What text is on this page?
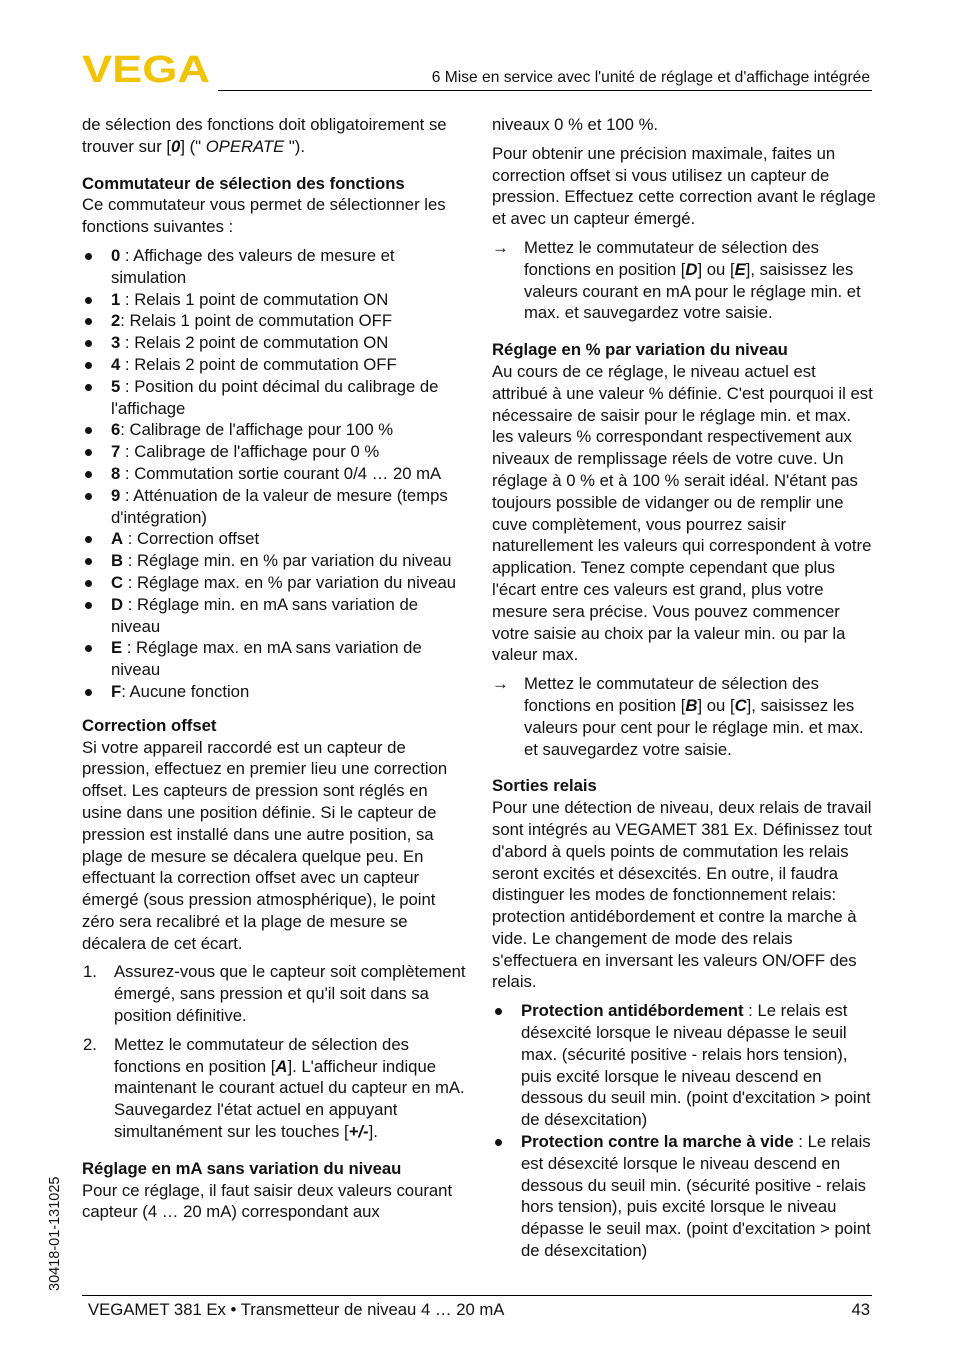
VEGA	6 Mise en service avec l'unité de réglage et d'affichage intégrée

de sélection des fonctions doit obligatoirement se trouver sur [0] (" OPERATE ").

Commutateur de sélection des fonctions

Ce commutateur vous permet de sélectionner les fonctions suivantes :

0 : Affichage des valeurs de mesure et simulation
1 : Relais 1 point de commutation ON
2: Relais 1 point de commutation OFF
3 : Relais 2 point de commutation ON
4 : Relais 2 point de commutation OFF
5 : Position du point décimal du calibrage de l'affichage
6: Calibrage de l'affichage pour 100 %
7 : Calibrage de l'affichage pour 0 %
8 : Commutation sortie courant 0/4 … 20 mA
9 : Atténuation de la valeur de mesure (temps d'intégration)
A : Correction offset
B : Réglage min. en % par variation du niveau
C : Réglage max. en % par variation du niveau
D : Réglage min. en mA sans variation de niveau
E : Réglage max. en mA sans variation de niveau
F: Aucune fonction

Correction offset

Si votre appareil raccordé est un capteur de pression, effectuez en premier lieu une correction offset. Les capteurs de pression sont réglés en usine dans une position définie. Si le capteur de pression est installé dans une autre position, sa plage de mesure se décalera quelque peu. En effectuant la correction offset avec un capteur émergé (sous pression atmosphérique), le point zéro sera recalibré et la plage de mesure se décalera de cet écart.

1. Assurez-vous que le capteur soit complètement émergé, sans pression et qu'il soit dans sa position définitive.
2. Mettez le commutateur de sélection des fonctions en position [A]. L'afficheur indique maintenant le courant actuel du capteur en mA. Sauvegardez l'état actuel en appuyant simultanément sur les touches [+/-].

Réglage en mA sans variation du niveau

Pour ce réglage, il faut saisir deux valeurs courant capteur (4 … 20 mA) correspondant aux

niveaux 0 % et 100 %.

Pour obtenir une précision maximale, faites un correction offset si vous utilisez un capteur de pression. Effectuez cette correction avant le réglage et avec un capteur émergé.

→ Mettez le commutateur de sélection des fonctions en position [D] ou [E], saisissez les valeurs courant en mA pour le réglage min. et max. et sauvegardez votre saisie.

Réglage en % par variation du niveau

Au cours de ce réglage, le niveau actuel est attribué à une valeur % définie. C'est pourquoi il est nécessaire de saisir pour le réglage min. et max. les valeurs % correspondant respectivement aux niveaux de remplissage réels de votre cuve. Un réglage à 0 % et à 100 % serait idéal. N'étant pas toujours possible de vidanger ou de remplir une cuve complètement, vous pourrez saisir naturellement les valeurs qui correspondent à votre application. Tenez compte cependant que plus l'écart entre ces valeurs est grand, plus votre mesure sera précise. Vous pouvez commencer votre saisie au choix par la valeur min. ou par la valeur max.

→ Mettez le commutateur de sélection des fonctions en position [B] ou [C], saisissez les valeurs pour cent pour le réglage min. et max. et sauvegardez votre saisie.

Sorties relais

Pour une détection de niveau, deux relais de travail sont intégrés au VEGAMET 381 Ex. Définissez tout d'abord à quels points de commutation les relais seront excités et désexcités. En outre, il faudra distinguer les modes de fonctionnement relais: protection antidébordement et contre la marche à vide. Le changement de mode des relais s'effectuera en inversant les valeurs ON/OFF des relais.

Protection antidébordement : Le relais est désexcité lorsque le niveau dépasse le seuil max. (sécurité positive - relais hors tension), puis excité lorsque le niveau descend en dessous du seuil min. (point d'excitation > point de désexcitation)
Protection contre la marche à vide : Le relais est désexcité lorsque le niveau descend en dessous du seuil min. (sécurité positive - relais hors tension), puis excité lorsque le niveau dépasse le seuil max. (point d'excitation > point de désexcitation)
30418-01-131025
VEGAMET 381 Ex • Transmetteur de niveau 4 … 20 mA	43
